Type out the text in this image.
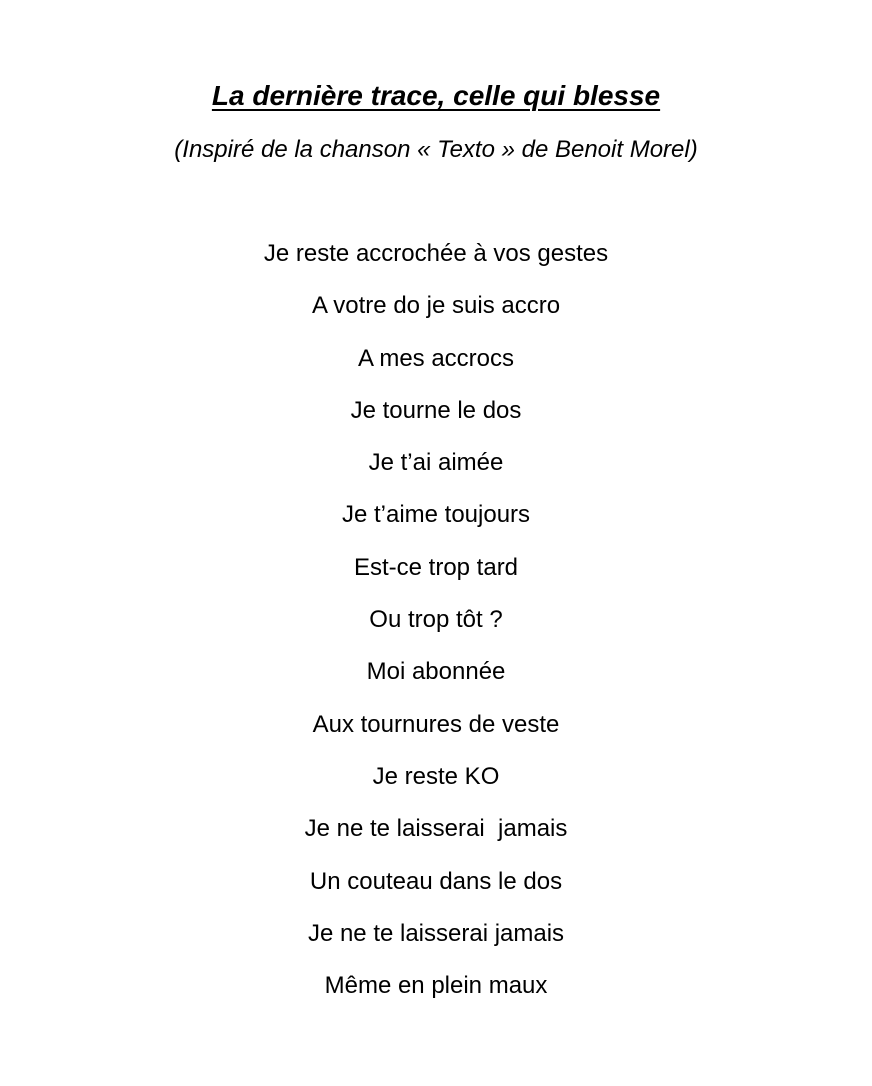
La dernière trace, celle qui blesse

(Inspiré de la chanson « Texto » de Benoit Morel)

Je reste accrochée à vos gestes
A votre do je suis accro
A mes accrocs
Je tourne le dos
Je t’ai aimée
Je t’aime toujours
Est-ce trop tard
Ou trop tôt ?
Moi abonnée
Aux tournures de veste
Je reste KO
Je ne te laisserai  jamais
Un couteau dans le dos
Je ne te laisserai jamais
Même en plein maux
